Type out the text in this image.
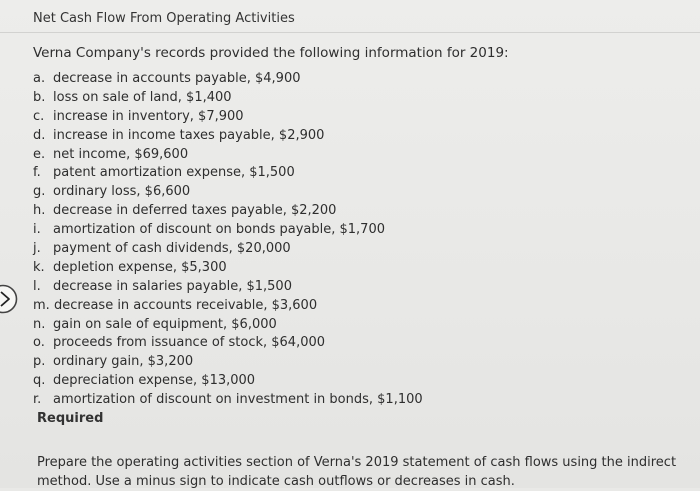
Net Cash Flow From Operating Activities
Verna Company's records provided the following information for 2019:
a. decrease in accounts payable, $4,900
b. loss on sale of land, $1,400
c. increase in inventory, $7,900
d. increase in income taxes payable, $2,900
e. net income, $69,600
f. patent amortization expense, $1,500
g. ordinary loss, $6,600
h. decrease in deferred taxes payable, $2,200
i. amortization of discount on bonds payable, $1,700
j. payment of cash dividends, $20,000
k. depletion expense, $5,300
l. decrease in salaries payable, $1,500
m. decrease in accounts receivable, $3,600
n. gain on sale of equipment, $6,000
o. proceeds from issuance of stock, $64,000
p. ordinary gain, $3,200
q. depreciation expense, $13,000
r. amortization of discount on investment in bonds, $1,100
Required
Prepare the operating activities section of Verna's 2019 statement of cash flows using the indirect method. Use a minus sign to indicate cash outflows or decreases in cash.
